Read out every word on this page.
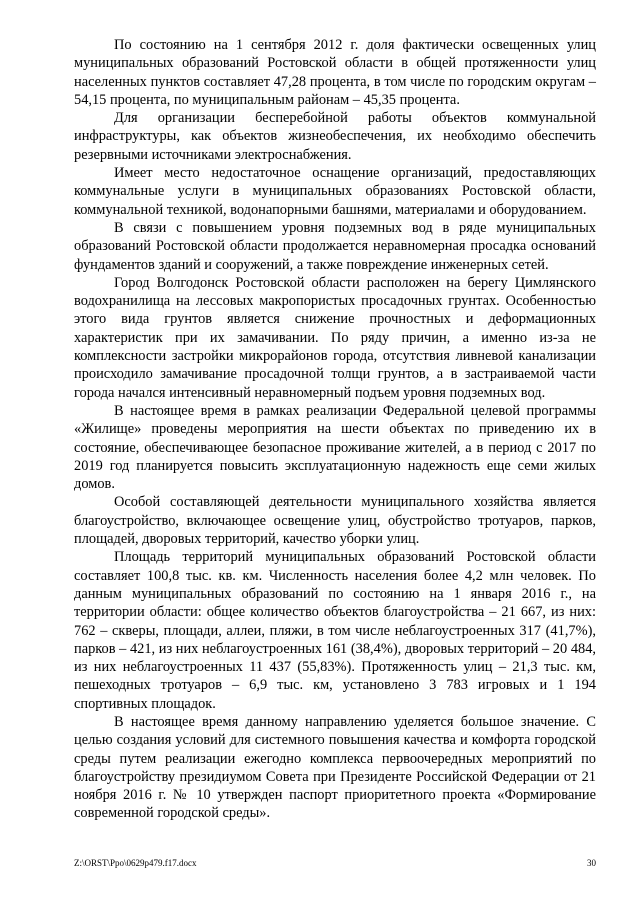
По состоянию на 1 сентября 2012 г. доля фактически освещенных улиц муниципальных образований Ростовской области в общей протяженности улиц населенных пунктов составляет 47,28 процента, в том числе по городским округам – 54,15 процента, по муниципальным районам – 45,35 процента.

Для организации бесперебойной работы объектов коммунальной инфраструктуры, как объектов жизнеобеспечения, их необходимо обеспечить резервными источниками электроснабжения.

Имеет место недостаточное оснащение организаций, предоставляющих коммунальные услуги в муниципальных образованиях Ростовской области, коммунальной техникой, водонапорными башнями, материалами и оборудованием.

В связи с повышением уровня подземных вод в ряде муниципальных образований Ростовской области продолжается неравномерная просадка оснований фундаментов зданий и сооружений, а также повреждение инженерных сетей.

Город Волгодонск Ростовской области расположен на берегу Цимлянского водохранилища на лессовых макропористых просадочных грунтах. Особенностью этого вида грунтов является снижение прочностных и деформационных характеристик при их замачивании. По ряду причин, а именно из-за не комплексности застройки микрорайонов города, отсутствия ливневой канализации происходило замачивание просадочной толщи грунтов, а в застраиваемой части города начался интенсивный неравномерный подъем уровня подземных вод.

В настоящее время в рамках реализации Федеральной целевой программы «Жилище» проведены мероприятия на шести объектах по приведению их в состояние, обеспечивающее безопасное проживание жителей, а в период с 2017 по 2019 год планируется повысить эксплуатационную надежность еще семи жилых домов.

Особой составляющей деятельности муниципального хозяйства является благоустройство, включающее освещение улиц, обустройство тротуаров, парков, площадей, дворовых территорий, качество уборки улиц.

Площадь территорий муниципальных образований Ростовской области составляет 100,8 тыс. кв. км. Численность населения более 4,2 млн человек. По данным муниципальных образований по состоянию на 1 января 2016 г., на территории области: общее количество объектов благоустройства – 21 667, из них: 762 – скверы, площади, аллеи, пляжи, в том числе неблагоустроенных 317 (41,7%), парков – 421, из них неблагоустроенных 161 (38,4%), дворовых территорий – 20 484, из них неблагоустроенных 11 437 (55,83%). Протяженность улиц – 21,3 тыс. км, пешеходных тротуаров – 6,9 тыс. км, установлено 3 783 игровых и 1 194 спортивных площадок.

В настоящее время данному направлению уделяется большое значение. С целью создания условий для системного повышения качества и комфорта городской среды путем реализации ежегодно комплекса первоочередных мероприятий по благоустройству президиумом Совета при Президенте Российской Федерации от 21 ноября 2016 г. № 10 утвержден паспорт приоритетного проекта «Формирование современной городской среды».

Z:\ORST\Ppo\0629p479.f17.docx	30
